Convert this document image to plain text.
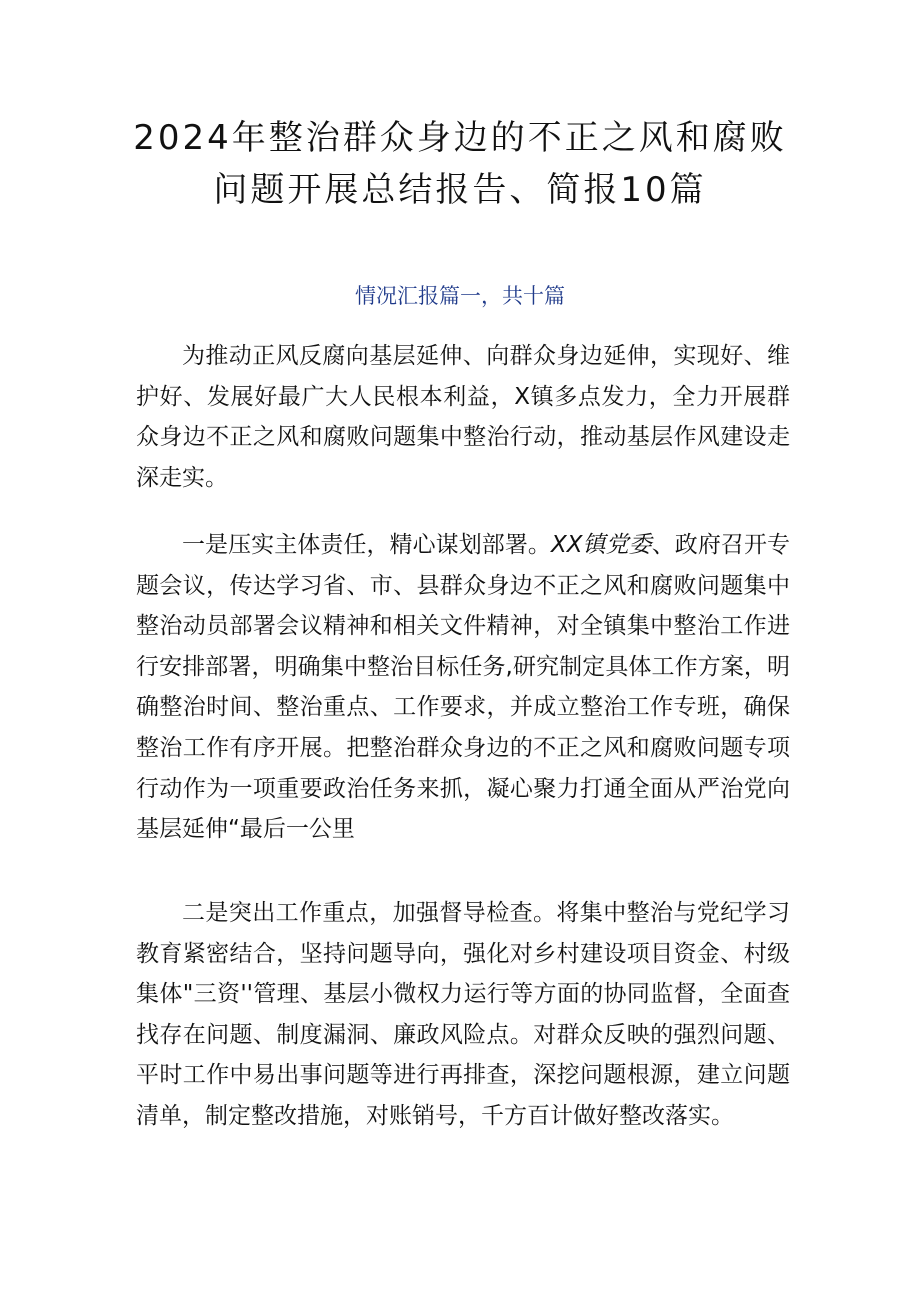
2024年整治群众身边的不正之风和腐败问题开展总结报告、简报10篇
情况汇报篇一，共十篇

为推动正风反腐向基层延伸、向群众身边延伸，实现好、维护好、发展好最广大人民根本利益，X镇多点发力，全力开展群众身边不正之风和腐败问题集中整治行动，推动基层作风建设走深走实。

一是压实主体责任，精心谋划部署。XX镇党委、政府召开专题会议，传达学习省、市、县群众身边不正之风和腐败问题集中整治动员部署会议精神和相关文件精神，对全镇集中整治工作进行安排部署，明确集中整治目标任务,研究制定具体工作方案，明确整治时间、整治重点、工作要求，并成立整治工作专班，确保整治工作有序开展。把整治群众身边的不正之风和腐败问题专项行动作为一项重要政治任务来抓，凝心聚力打通全面从严治党向基层延伸“最后一公里

二是突出工作重点，加强督导检查。将集中整治与党纪学习教育紧密结合，坚持问题导向，强化对乡村建设项目资金、村级集体"三资''管理、基层小微权力运行等方面的协同监督，全面查找存在问题、制度漏洞、廉政风险点。对群众反映的强烈问题、平时工作中易出事问题等进行再排查，深挖问题根源，建立问题清单，制定整改措施，对账销号，千方百计做好整改落实。
